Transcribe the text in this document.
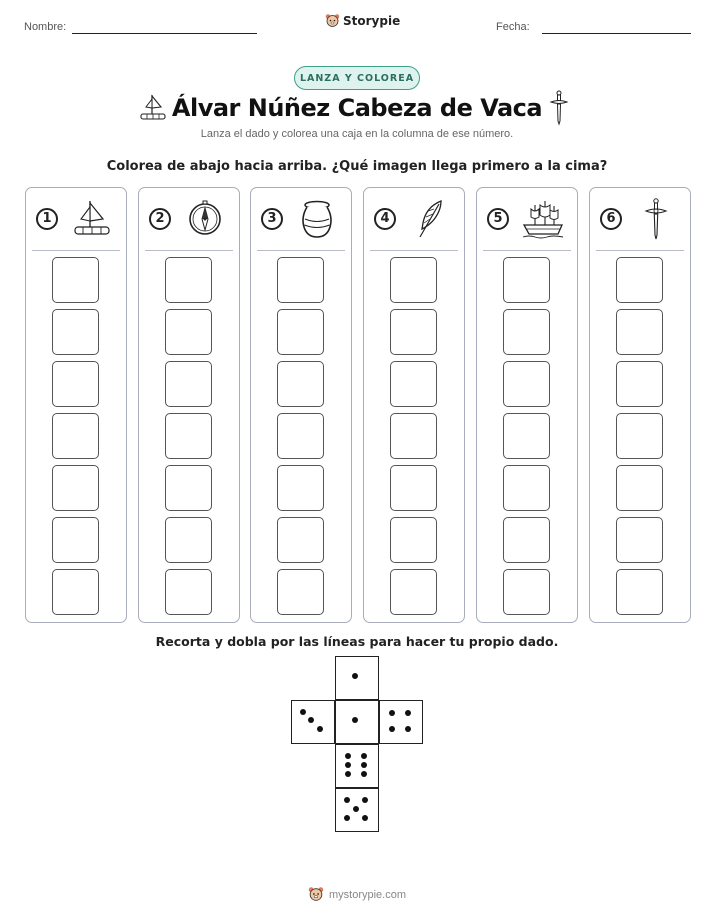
Nombre:	Storypie	Fecha:
LANZA Y COLOREA
Álvar Núñez Cabeza de Vaca
Lanza el dado y colorea una caja en la columna de ese número.
Colorea de abajo hacia arriba. ¿Qué imagen llega primero a la cima?
1	2	3	4	5	6
Recorta y dobla por las líneas para hacer tu propio dado.
mystorypie.com
